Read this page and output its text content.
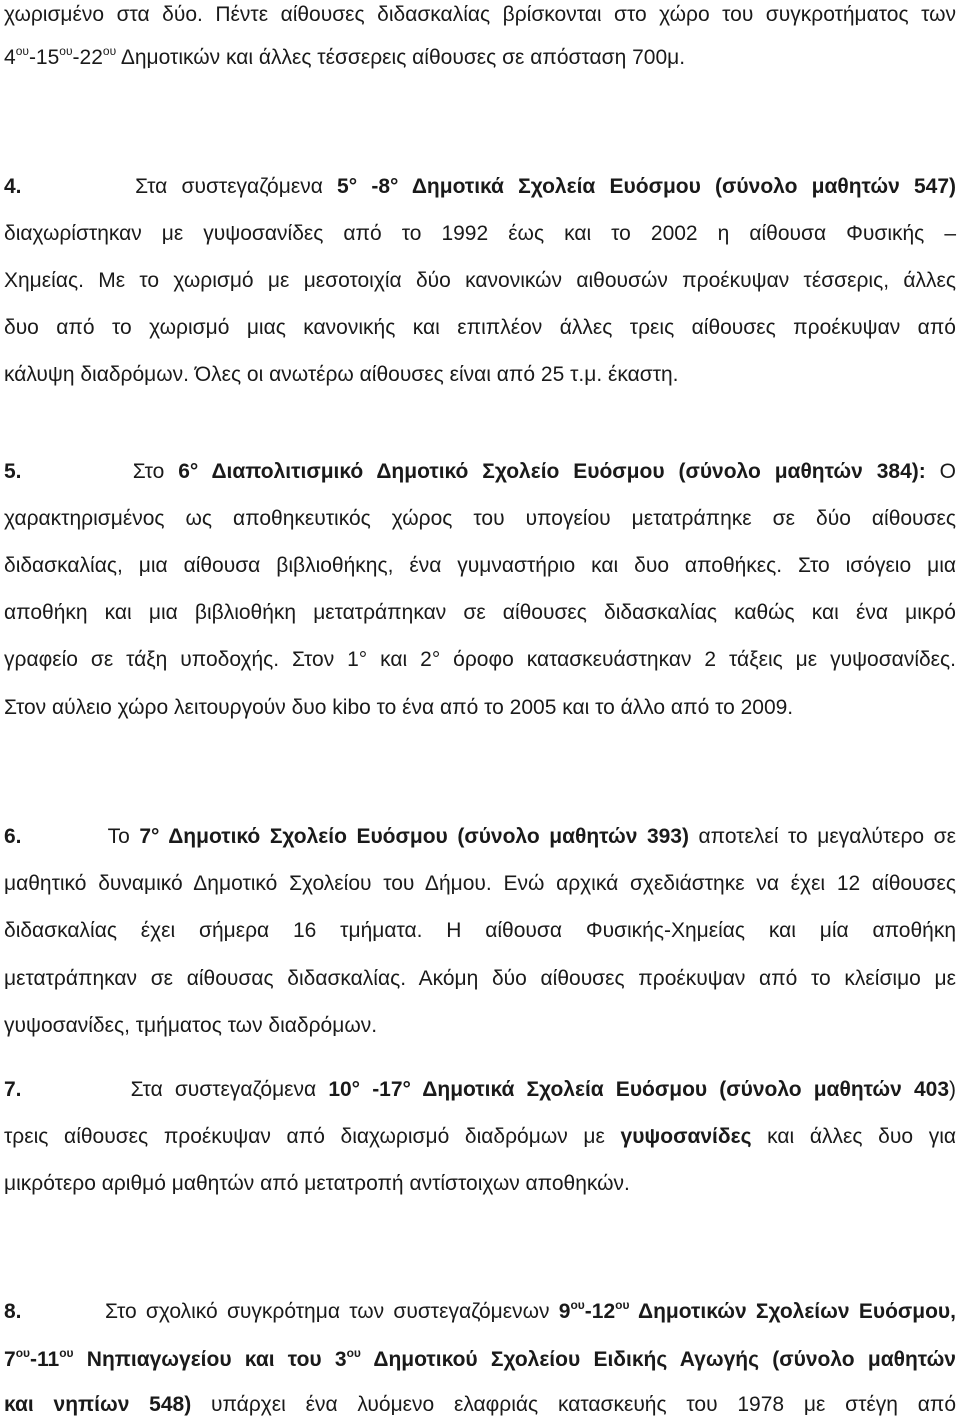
χωρισμένο στα δύο. Πέντε αίθουσες διδασκαλίας βρίσκονται στο χώρο του συγκροτήματος των
$4^{o\upsilon}-15^{o\upsilon}-22^{o\upsilon}$ Δημοτικών και άλλες τέσσερεις αίθουσες σε απόσταση 700μ.
4.	Στα συστεγαζόμενα 5° -8° Δημοτικά Σχολεία Ευόσμου (σύνολο μαθητών 547)
διαχωρίστηκαν με γυψοσανίδες από το 1992 έως και το 2002 η αίθουσα Φυσικής –
Χημείας. Με το χωρισμό με μεσοτοιχία δύο κανονικών αιθουσών προέκυψαν τέσσερις, άλλες
δυο από το χωρισμό μιας κανονικής και επιπλέον άλλες τρεις αίθουσες προέκυψαν από
κάλυψη διαδρόμων. Όλες οι ανωτέρω αίθουσες είναι από 25 τ.μ. έκαστη.
5.	Στο 6° Διαπολιτισμικό Δημοτικό Σχολείο Ευόσμου (σύνολο μαθητών 384): Ο
χαρακτηρισμένος ως αποθηκευτικός χώρος του υπογείου μετατράπηκε σε δύο αίθουσες
διδασκαλίας, μια αίθουσα βιβλιοθήκης, ένα γυμναστήριο και δυο αποθήκες. Στο ισόγειο μια
αποθήκη και μια βιβλιοθήκη μετατράπηκαν σε αίθουσες διδασκαλίας καθώς και ένα μικρό
γραφείο σε τάξη υποδοχής. Στον 1° και 2° όροφο κατασκευάστηκαν 2 τάξεις με γυψοσανίδες.
Στον αύλειο χώρο λειτουργούν δυο kibo το ένα από το 2005 και το άλλο από το 2009.
6.	Το 7° Δημοτικό Σχολείο Ευόσμου (σύνολο μαθητών 393) αποτελεί το μεγαλύτερο σε
μαθητικό δυναμικό Δημοτικό Σχολείου του Δήμου. Ενώ αρχικά σχεδιάστηκε να έχει 12 αίθουσες
διδασκαλίας έχει σήμερα 16 τμήματα. Η αίθουσα Φυσικής-Χημείας και μία αποθήκη
μετατράπηκαν σε αίθουσας διδασκαλίας. Ακόμη δύο αίθουσες προέκυψαν από το κλείσιμο με
γυψοσανίδες, τμήματος των διαδρόμων.
7.	Στα συστεγαζόμενα 10° -17° Δημοτικά Σχολεία Ευόσμου (σύνολο μαθητών 403)
τρεις αίθουσες προέκυψαν από διαχωρισμό διαδρόμων με γυψοσανίδες και άλλες δυο για
μικρότερο αριθμό μαθητών από μετατροπή αντίστοιχων αποθηκών.
8.	Στο σχολικό συγκρότημα των συστεγαζόμενων $9^{o\upsilon}-12^{o\upsilon}$ Δημοτικών Σχολείων Ευόσμου,
$7^{o\upsilon}-11^{o\upsilon}$ Νηπιαγωγείου και του $3^{o\upsilon}$ Δημοτικού Σχολείου Ειδικής Αγωγής (σύνολο μαθητών
και νηπίων 548) υπάρχει ένα λυόμενο ελαφριάς κατασκευής του 1978 με στέγη από
